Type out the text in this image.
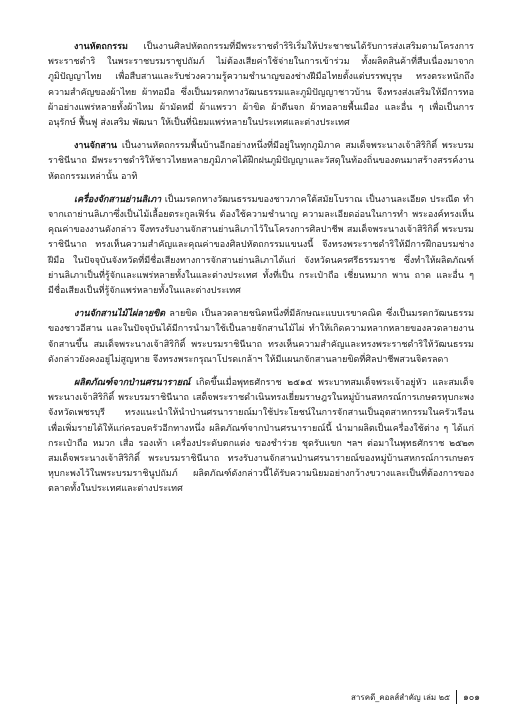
งานหัตถกรรม เป็นงานศิลปหัตถกรรมที่มีพระราชดำริริเริ่มให้ประชาชนได้รับการส่งเสริมตามโครงการพระราชดำริ ในพระราชบรมราชูปถัมภ์ ไม่ต้องเสียค่าใช้จ่ายในการเข้าร่วม ทั้งผลิตสินค้าที่สืบเนื่องมาจากภูมิปัญญาไทย เพื่อสืบสานและรับช่วงความรู้ความชำนาญของช่างฝีมือไทยตั้งแต่บรรพบุรุษ ทรงตระหนักถึงความสำคัญของผ้าไทย ผ้าทอมือ ซึ่งเป็นมรดกทางวัฒนธรรมและภูมิปัญญาชาวบ้าน จึงทรงส่งเสริมให้มีการทอผ้าอย่างแพร่หลายทั้งผ้าไหม ผ้ามัดหมี่ ผ้าแพรวา ผ้าขิด ผ้าตีนจก ผ้าทอลายพื้นเมือง และอื่น ๆ เพื่อเป็นการอนุรักษ์ ฟื้นฟู ส่งเสริม พัฒนา ให้เป็นที่นิยมแพร่หลายในประเทศและต่างประเทศ

งานจักสาน เป็นงานหัตถกรรมพื้นบ้านอีกอย่างหนึ่งที่มีอยู่ในทุกภูมิภาค สมเด็จพระนางเจ้าสิริกิติ์ พระบรมราชินีนาถ มีพระราชดำริให้ชาวไทยหลายภูมิภาคได้ฝึกฝนภูมิปัญญาและวัสดุในท้องถิ่นของตนมาสร้างสรรค์งานหัตถกรรมเหล่านั้น อาทิ

เครื่องจักสานย่านลิเภา เป็นมรดกทางวัฒนธรรมของชาวภาคใต้สมัยโบราณ เป็นงานละเอียด ประณีต ทำจากเถาย่านลิเภาซึ่งเป็นไม้เลื้อยตระกูลเฟิร์น ต้องใช้ความชำนาญ ความละเอียดอ่อนในการทำ พระองค์ทรงเห็นคุณค่าของงานดังกล่าว จึงทรงรับงานจักสานย่านลิเภาไว้ในโครงการศิลปาชีพ สมเด็จพระนางเจ้าสิริกิติ์ พระบรมราชินีนาถ ทรงเห็นความสำคัญและคุณค่าของศิลปหัตถกรรมแขนงนี้ จึงทรงพระราชดำริให้มีการฝึกอบรมช่างฝีมือ ในปัจจุบันจังหวัดที่มีชื่อเสียงทางการจักสานย่านลิเภาได้แก่ จังหวัดนครศรีธรรมราช ซึ่งทำให้ผลิตภัณฑ์ย่านลิเภาเป็นที่รู้จักและแพร่หลายทั้งในและต่างประเทศ ทั้งที่เป็น กระเป๋าถือ เชี่ยนหมาก พาน ถาด และอื่น ๆ มีชื่อเสียงเป็นที่รู้จักแพร่หลายทั้งในและต่างประเทศ

งานจักสานไม้ไผ่ลายขิด ลายขิด เป็นลวดลายชนิดหนึ่งที่มีลักษณะแบบเรขาคณิต ซึ่งเป็นมรดกวัฒนธรรมของชาวอีสาน และในปัจจุบันได้มีการนำมาใช้เป็นลายจักสานไม้ไผ่ ทำให้เกิดความหลากหลายของลวดลายงานจักสานขึ้น สมเด็จพระนางเจ้าสิริกิติ์ พระบรมราชินีนาถ ทรงเห็นความสำคัญและทรงพระราชดำริให้วัฒนธรรมดังกล่าวยังคงอยู่ไม่สูญหาย จึงทรงพระกรุณาโปรดเกล้าฯ ให้มีแผนกจักสานลายขิดที่ศิลปาชีพสวนจิตรลดา

ผลิตภัณฑ์จากป่านศรนารายณ์ เกิดขึ้นเมื่อพุทธศักราช ๒๕๑๕ พระบาทสมเด็จพระเจ้าอยู่หัว และสมเด็จพระนางเจ้าสิริกิติ์ พระบรมราชินีนาถ เสด็จพระราชดำเนินทรงเยี่ยมราษฎรในหมู่บ้านสหกรณ์การเกษตรหุบกะพง จังหวัดเพชรบุรี ทรงแนะนำให้นำป่านศรนารายณ์มาใช้ประโยชน์ในการจักสานเป็นอุตสาหกรรมในครัวเรือน เพื่อเพิ่มรายได้ให้แก่ครอบครัวอีกทางหนึ่ง ผลิตภัณฑ์จากป่านศรนารายณ์นี้ นำมาผลิตเป็นเครื่องใช้ต่าง ๆ ได้แก่ กระเป๋าถือ หมวก เสื่อ รองเท้า เครื่องประดับตกแต่ง ของชำร่วย ชุดรับแขก ฯลฯ ต่อมาในพุทธศักราช ๒๕๒๓ สมเด็จพระนางเจ้าสิริกิติ์ พระบรมราชินีนาถ ทรงรับงานจักสานป่านศรนารายณ์ของหมู่บ้านสหกรณ์การเกษตรหุบกะพงไว้ในพระบรมราชินูปถัมภ์ ผลิตภัณฑ์ดังกล่าวนี้ได้รับความนิยมอย่างกว้างขวางและเป็นที่ต้องการของตลาดทั้งในประเทศและต่างประเทศ

สารคดี_คอลส์สำคัญ เล่ม ๒๕ ๑๐๑
